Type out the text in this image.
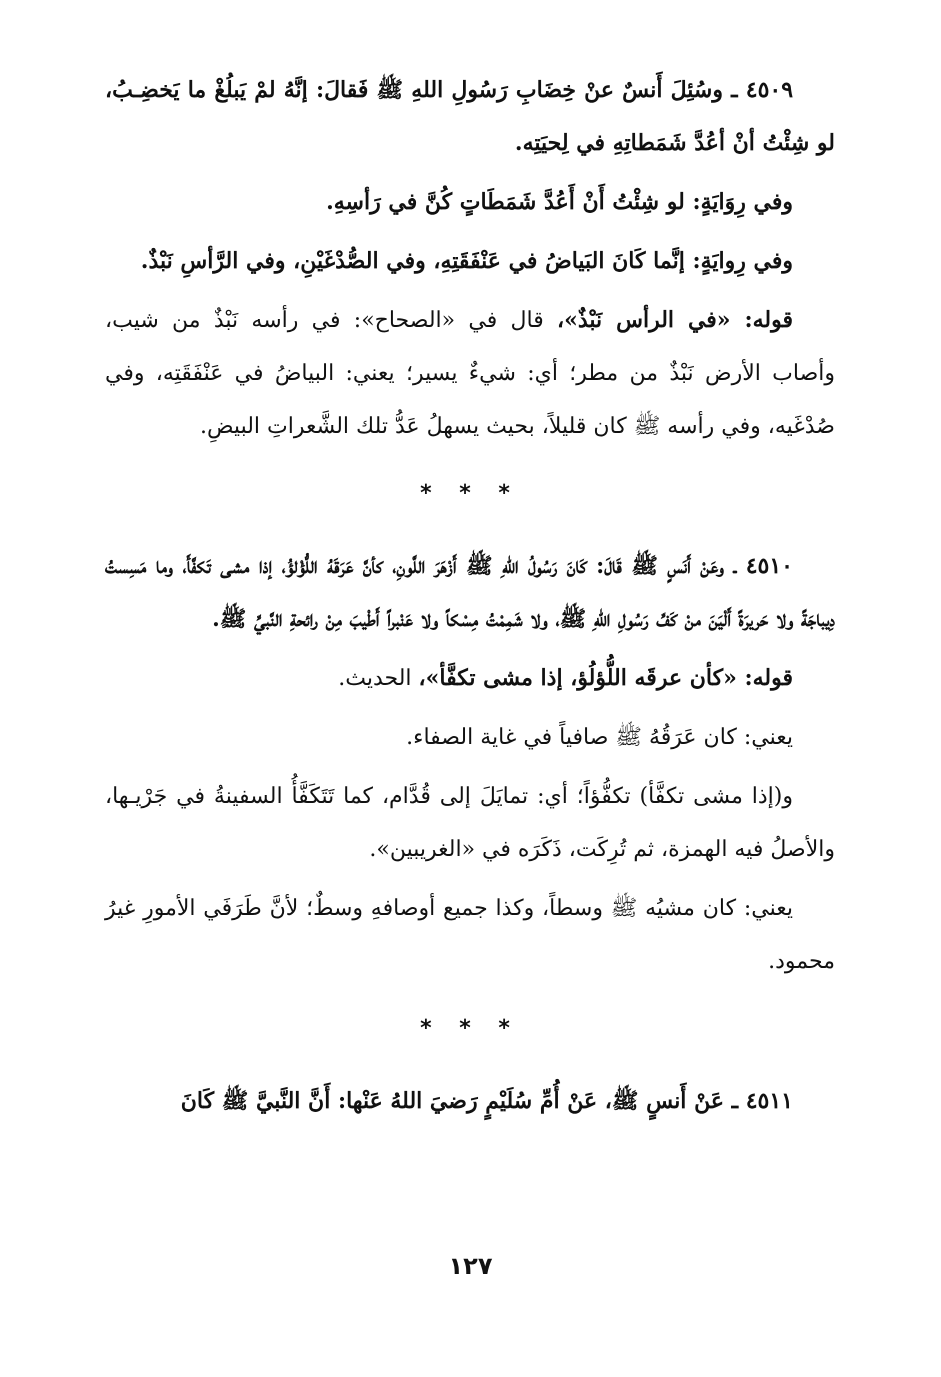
٤٥٠٩ ـ وسُئِلَ أَنسٌ عنْ خِضَابِ رَسُولِ اللهِ ﷺ فَقالَ: إنَّهُ لمْ يَبلُغْ ما يَخضِـبُ، لو شِئْتُ أنْ أعُدَّ شَمَطاتِهِ في لِحيَتِه.

وفي رِوَايَةٍ: لو شِئْتُ أَنْ أَعُدَّ شَمَطَاتٍ كُنَّ في رَأسِهِ.

وفي رِوايَةٍ: إنَّما كَانَ البَياضُ في عَنْفَقَتِهِ، وفي الصُّدْغَيْنِ، وفي الرَّأسِ نَبْذٌ.

قوله: «في الرأس نَبْذٌ»، قال في «الصحاح»: في رأسه نَبْذٌ من شيب، وأصاب الأرض نَبْذٌ من مطر؛ أي: شيءٌ يسير؛ يعني: البياضُ في عَنْفَقَتِه، وفي صُدْغَيه، وفي رأسه ﷺ كان قليلاً، بحيث يسهلُ عَدُّ تلك الشَّعراتِ البيضِ.

* * *

٤٥١٠ ـ وعَنْ أَنَسٍ ﷺ قَالَ: كَانَ رَسُولُ اللهِ ﷺ أَزْهَرَ اللَّونِ، كأنَّ عَرَقَهُ اللُّؤْلؤُ، إذا مشى تَكفَّأَ، وما مَسِستُ دِيباجَةً ولا حَريرَةً أَلْيَنَ منْ كَفِّ رَسُولِ اللهِ ﷺ، ولا شَمِمْتُ مِسْكاً ولا عَنْبراً أَطْيبَ مِنْ رائحةِ النَّبيِّ ﷺ.

قوله: «كأن عرقَه اللُّؤلُؤ، إذا مشى تكفَّأ»، الحديث.

يعني: كان عَرَقُهُ ﷺ صافياً في غاية الصفاء.

و(إذا مشى تكفَّأ) تكفُّؤاً؛ أي: تمايَلَ إلى قُدَّام، كما تَتَكَفَّأُ السفينةُ في جَرْيـها، والأصلُ فيه الهمزة، ثم تُرِكَت، ذَكَرَه في «الغريبين».

يعني: كان مشيُه ﷺ وسطاً، وكذا جميع أوصافهِ وسطٌ؛ لأنَّ طَرَفَي الأمورِ غيرُ محمود.

* * *

٤٥١١ ـ عَنْ أَنسٍ ﷺ، عَنْ أُمِّ سُلَيْمٍ رَضيَ اللهُ عَنْها: أَنَّ النَّبيَّ ﷺ كَانَ

١٢٧
